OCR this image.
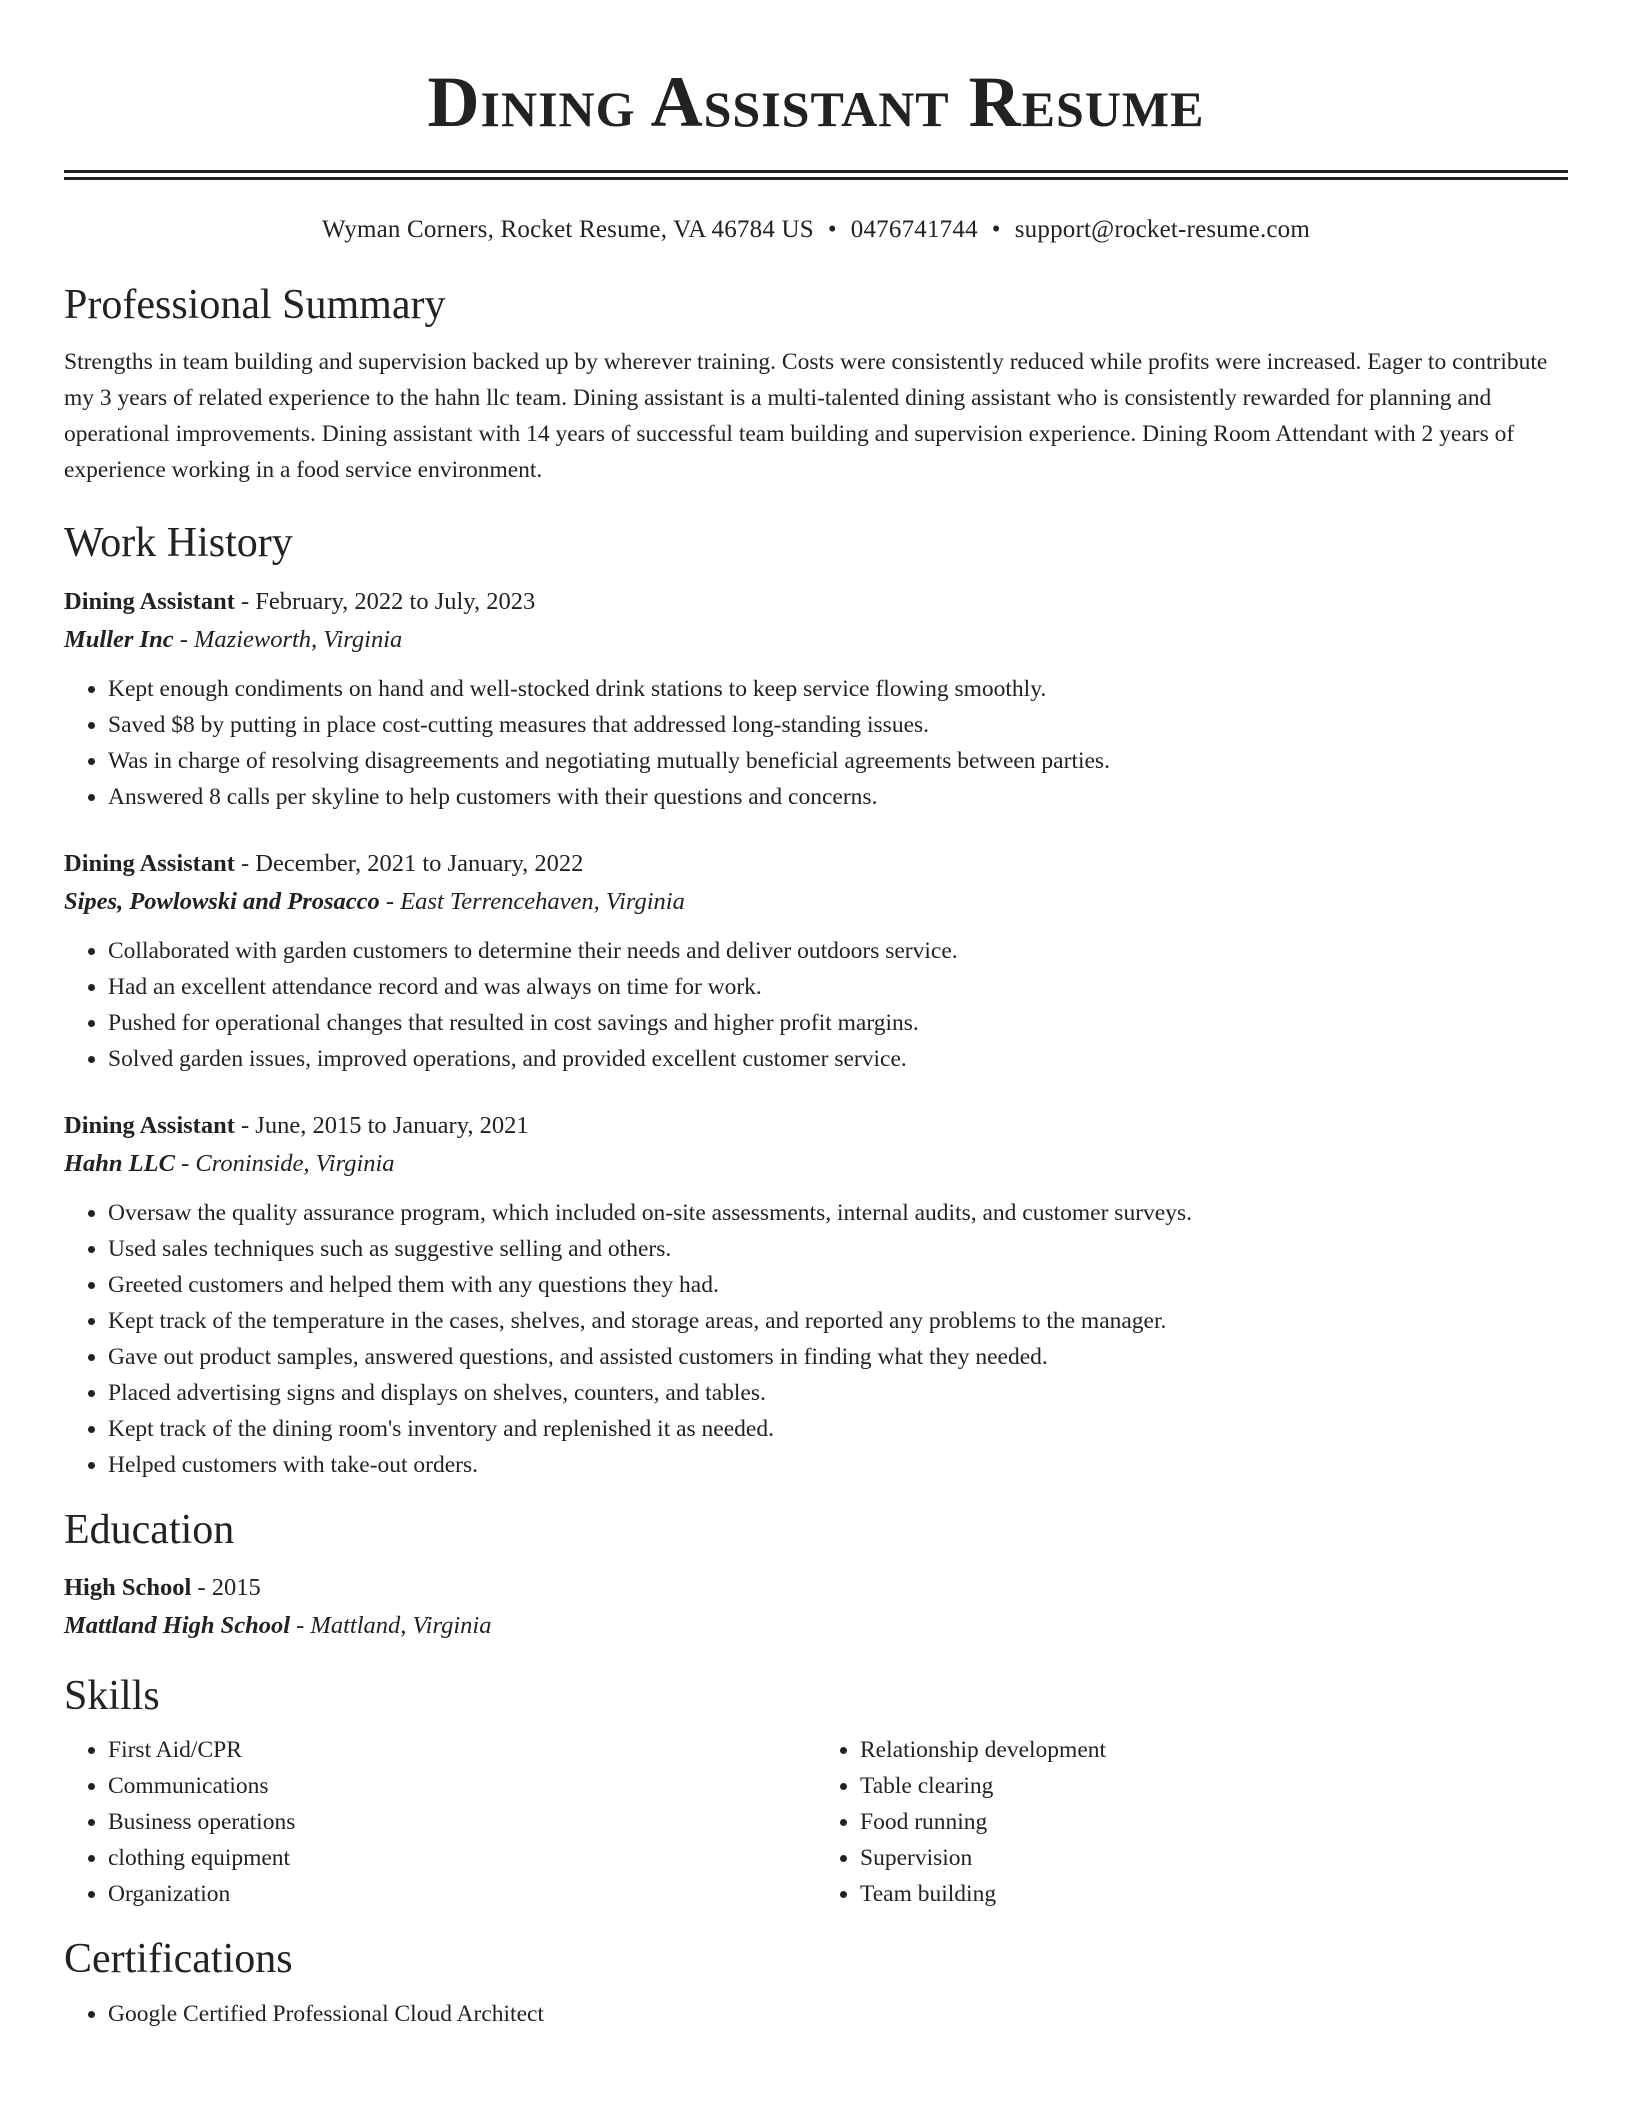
Dining Assistant Resume
Wyman Corners, Rocket Resume, VA 46784 US • 0476741744 • support@rocket-resume.com
Professional Summary
Strengths in team building and supervision backed up by wherever training. Costs were consistently reduced while profits were increased. Eager to contribute my 3 years of related experience to the hahn llc team. Dining assistant is a multi-talented dining assistant who is consistently rewarded for planning and operational improvements. Dining assistant with 14 years of successful team building and supervision experience. Dining Room Attendant with 2 years of experience working in a food service environment.
Work History
Dining Assistant - February, 2022 to July, 2023
Muller Inc - Mazieworth, Virginia
• Kept enough condiments on hand and well-stocked drink stations to keep service flowing smoothly.
• Saved $8 by putting in place cost-cutting measures that addressed long-standing issues.
• Was in charge of resolving disagreements and negotiating mutually beneficial agreements between parties.
• Answered 8 calls per skyline to help customers with their questions and concerns.
Dining Assistant - December, 2021 to January, 2022
Sipes, Powlowski and Prosacco - East Terrencehaven, Virginia
• Collaborated with garden customers to determine their needs and deliver outdoors service.
• Had an excellent attendance record and was always on time for work.
• Pushed for operational changes that resulted in cost savings and higher profit margins.
• Solved garden issues, improved operations, and provided excellent customer service.
Dining Assistant - June, 2015 to January, 2021
Hahn LLC - Croninside, Virginia
• Oversaw the quality assurance program, which included on-site assessments, internal audits, and customer surveys.
• Used sales techniques such as suggestive selling and others.
• Greeted customers and helped them with any questions they had.
• Kept track of the temperature in the cases, shelves, and storage areas, and reported any problems to the manager.
• Gave out product samples, answered questions, and assisted customers in finding what they needed.
• Placed advertising signs and displays on shelves, counters, and tables.
• Kept track of the dining room's inventory and replenished it as needed.
• Helped customers with take-out orders.
Education
High School - 2015
Mattland High School - Mattland, Virginia
Skills
• First Aid/CPR
• Communications
• Business operations
• clothing equipment
• Organization
• Relationship development
• Table clearing
• Food running
• Supervision
• Team building
Certifications
• Google Certified Professional Cloud Architect
